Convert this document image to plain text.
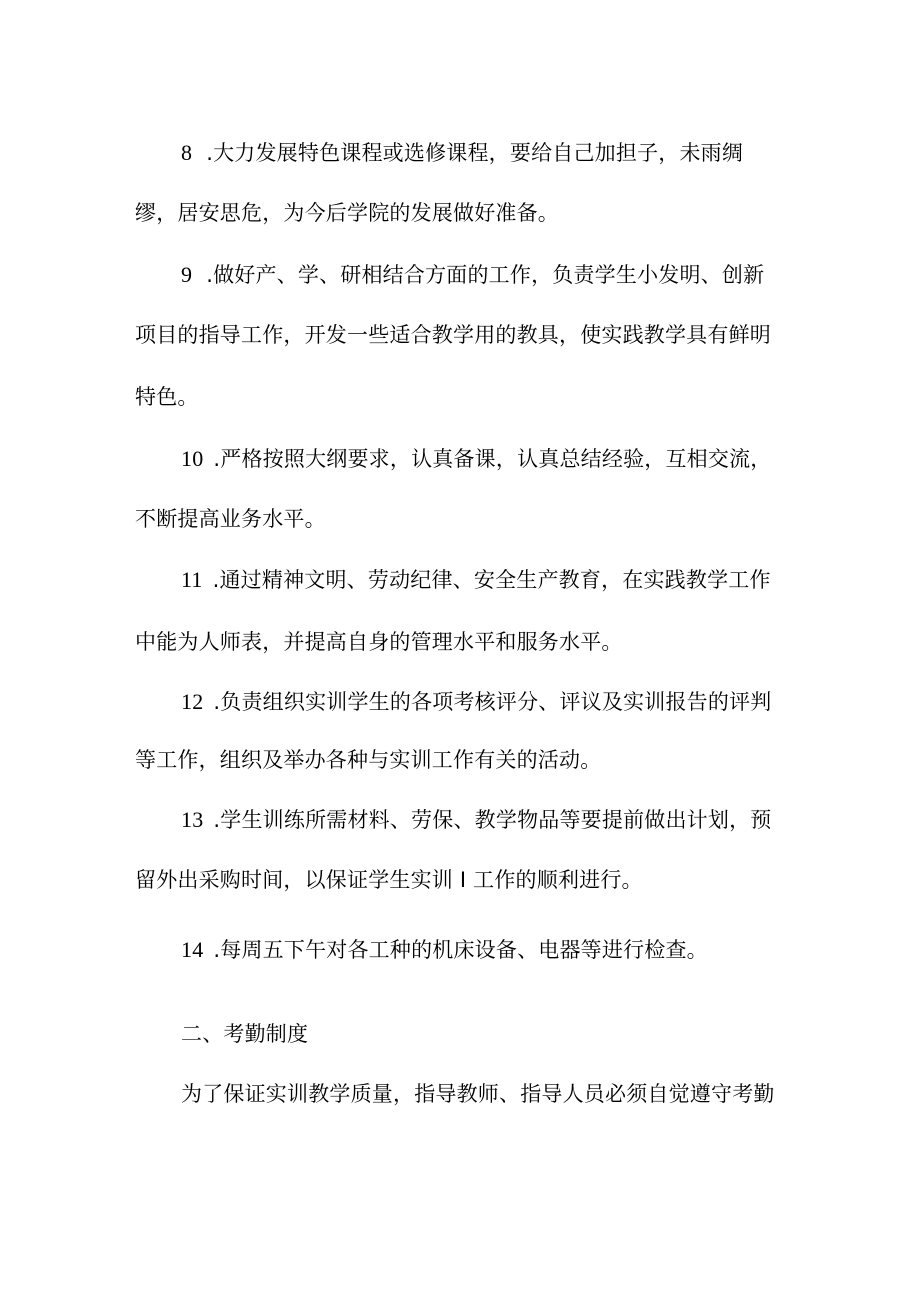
8 .大力发展特色课程或选修课程，要给自己加担子，未雨绸
缪，居安思危，为今后学院的发展做好准备。
9 .做好产、学、研相结合方面的工作，负责学生小发明、创新
项目的指导工作，开发一些适合教学用的教具，使实践教学具有鲜明
特色。
10 .严格按照大纲要求，认真备课，认真总结经验，互相交流，
不断提高业务水平。
11 .通过精神文明、劳动纪律、安全生产教育，在实践教学工作
中能为人师表，并提高自身的管理水平和服务水平。
12 .负责组织实训学生的各项考核评分、评议及实训报告的评判
等工作，组织及举办各种与实训工作有关的活动。
13 .学生训练所需材料、劳保、教学物品等要提前做出计划，预
留外出采购时间，以保证学生实训 I 工作的顺利进行。
14 .每周五下午对各工种的机床设备、电器等进行检查。
二、考勤制度
为了保证实训教学质量，指导教师、指导人员必须自觉遵守考勤
